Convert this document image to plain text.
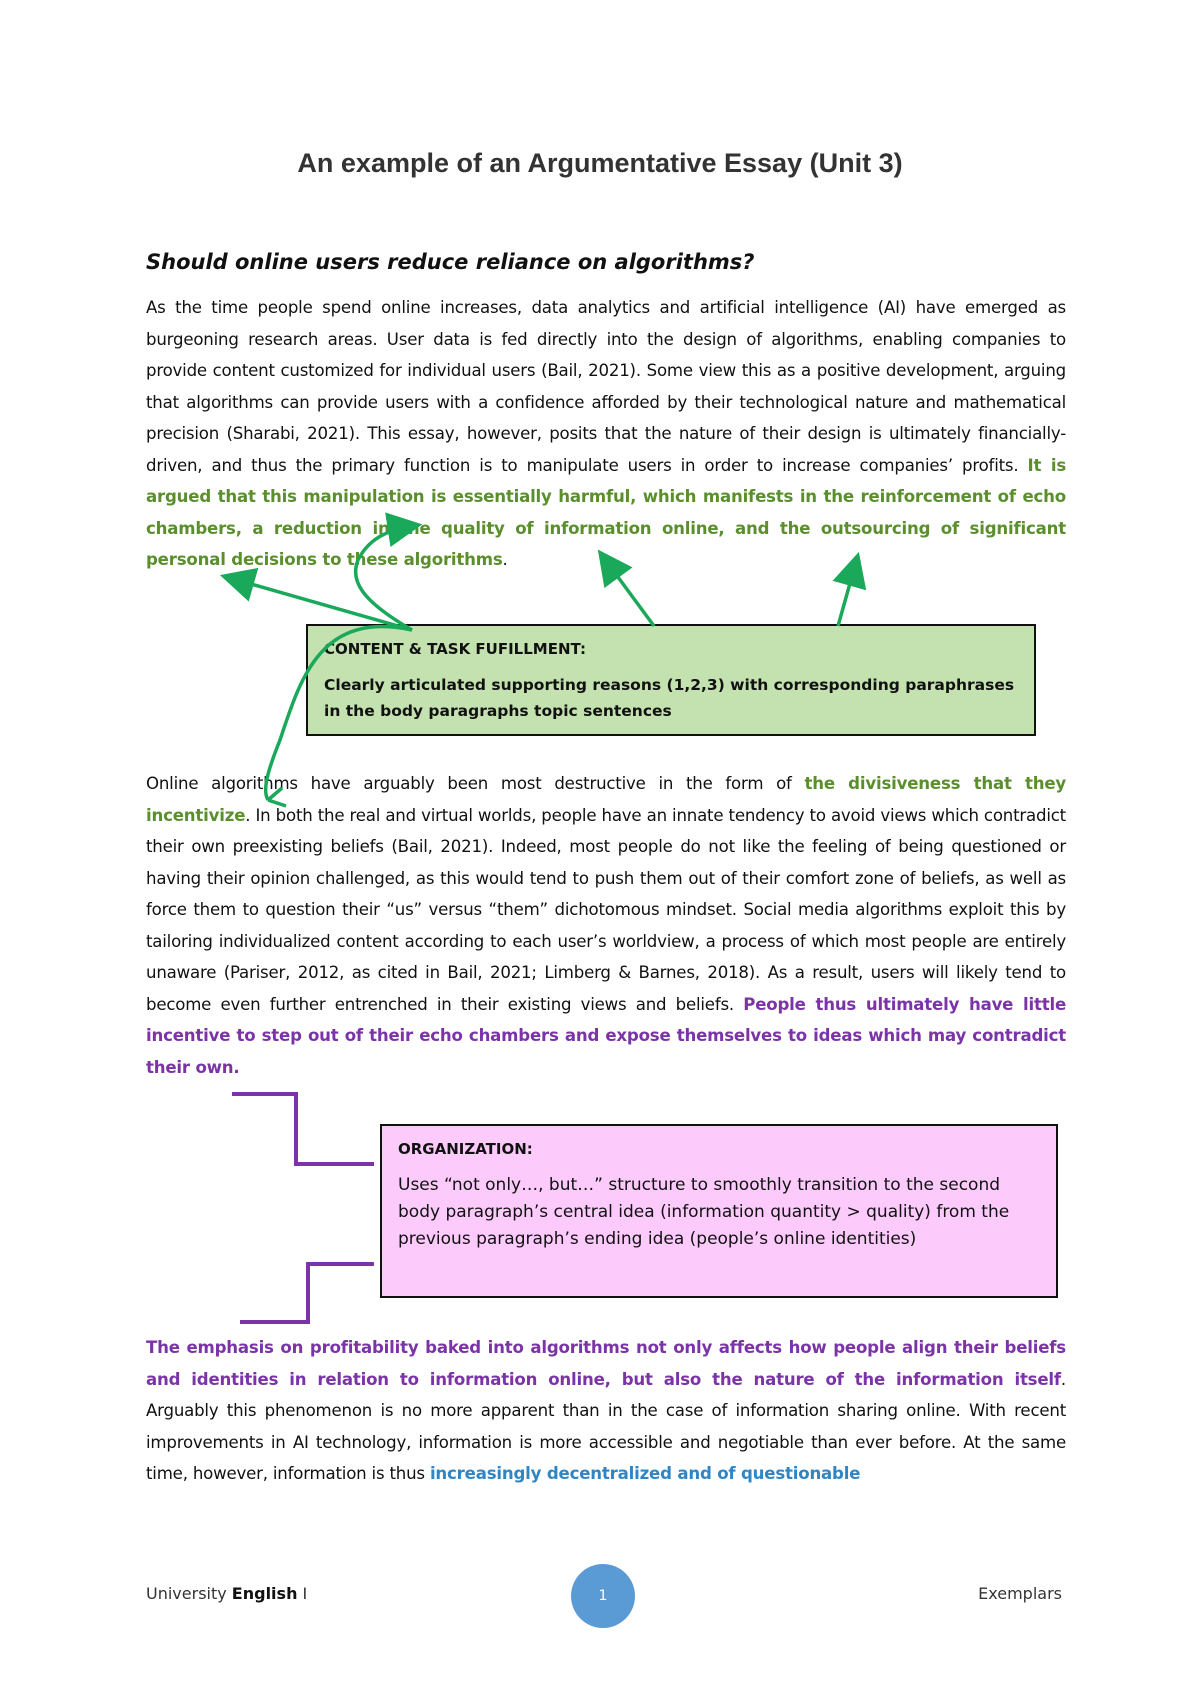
An example of an Argumentative Essay (Unit 3)
Should online users reduce reliance on algorithms?
As the time people spend online increases, data analytics and artificial intelligence (AI) have emerged as burgeoning research areas. User data is fed directly into the design of algorithms, enabling companies to provide content customized for individual users (Bail, 2021). Some view this as a positive development, arguing that algorithms can provide users with a confidence afforded by their technological nature and mathematical precision (Sharabi, 2021). This essay, however, posits that the nature of their design is ultimately financially-driven, and thus the primary function is to manipulate users in order to increase companies’ profits. It is argued that this manipulation is essentially harmful, which manifests in the reinforcement of echo chambers, a reduction in the quality of information online, and the outsourcing of significant personal decisions to these algorithms.
CONTENT & TASK FUFILLMENT:
Clearly articulated supporting reasons (1,2,3) with corresponding paraphrases in the body paragraphs topic sentences
Online algorithms have arguably been most destructive in the form of the divisiveness that they incentivize. In both the real and virtual worlds, people have an innate tendency to avoid views which contradict their own preexisting beliefs (Bail, 2021). Indeed, most people do not like the feeling of being questioned or having their opinion challenged, as this would tend to push them out of their comfort zone of beliefs, as well as force them to question their “us” versus “them” dichotomous mindset. Social media algorithms exploit this by tailoring individualized content according to each user’s worldview, a process of which most people are entirely unaware (Pariser, 2012, as cited in Bail, 2021; Limberg & Barnes, 2018). As a result, users will likely tend to become even further entrenched in their existing views and beliefs. People thus ultimately have little incentive to step out of their echo chambers and expose themselves to ideas which may contradict their own.
ORGANIZATION:
Uses “not only…, but…” structure to smoothly transition to the second body paragraph’s central idea (information quantity > quality) from the previous paragraph’s ending idea (people’s online identities)
The emphasis on profitability baked into algorithms not only affects how people align their beliefs and identities in relation to information online, but also the nature of the information itself. Arguably this phenomenon is no more apparent than in the case of information sharing online. With recent improvements in AI technology, information is more accessible and negotiable than ever before. At the same time, however, information is thus increasingly decentralized and of questionable
University English I	1	Exemplars
